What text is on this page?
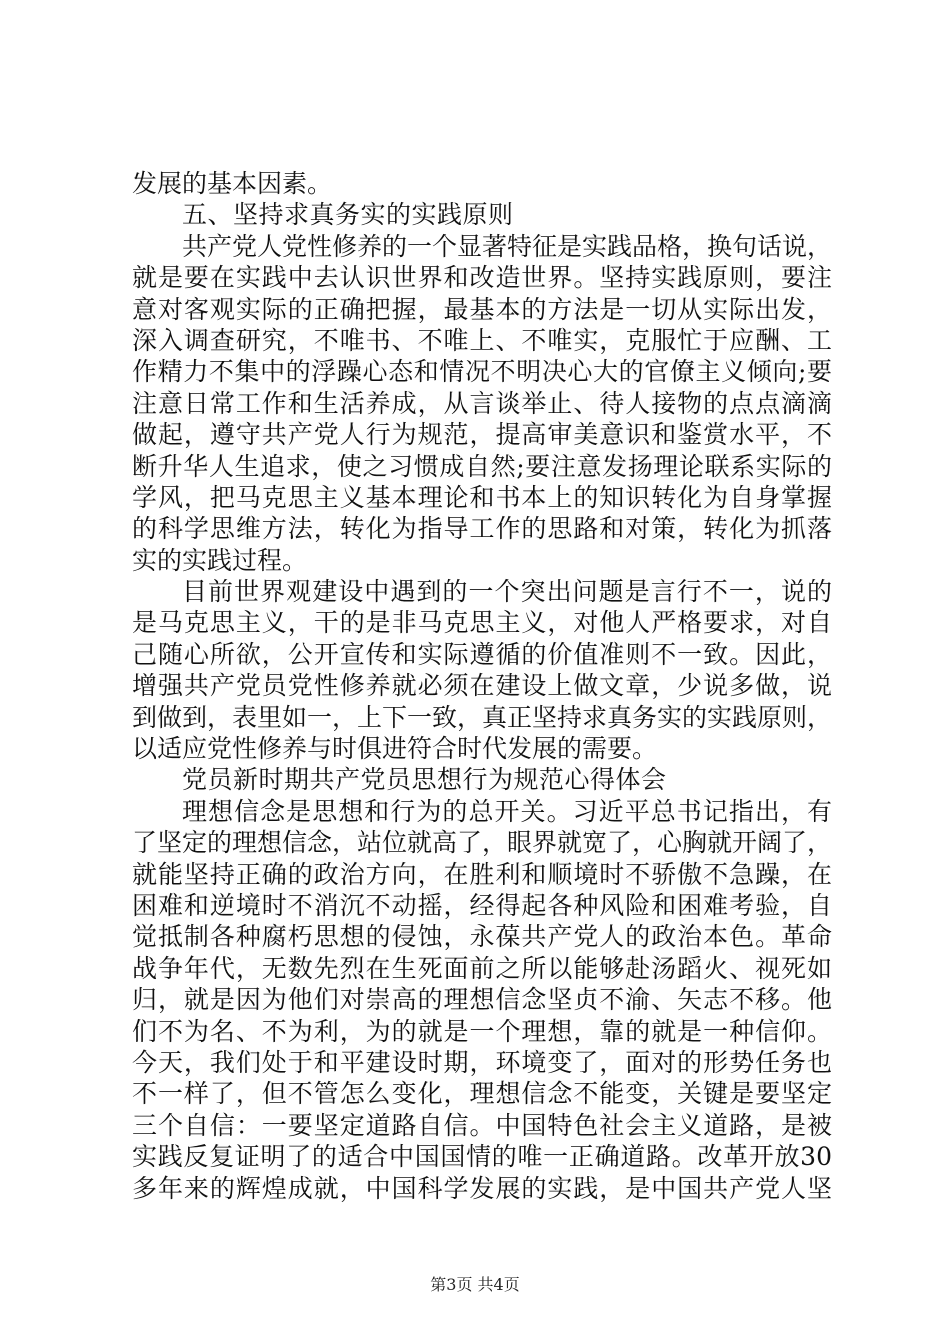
发展的基本因素。
五、坚持求真务实的实践原则
共产党人党性修养的一个显著特征是实践品格，换句话说，
就是要在实践中去认识世界和改造世界。坚持实践原则，要注
意对客观实际的正确把握，最基本的方法是一切从实际出发，
深入调查研究，不唯书、不唯上、不唯实，克服忙于应酬、工
作精力不集中的浮躁心态和情况不明决心大的官僚主义倾向;要
注意日常工作和生活养成，从言谈举止、待人接物的点点滴滴
做起，遵守共产党人行为规范，提高审美意识和鉴赏水平，不
断升华人生追求，使之习惯成自然;要注意发扬理论联系实际的
学风，把马克思主义基本理论和书本上的知识转化为自身掌握
的科学思维方法，转化为指导工作的思路和对策，转化为抓落
实的实践过程。
目前世界观建设中遇到的一个突出问题是言行不一，说的
是马克思主义，干的是非马克思主义，对他人严格要求，对自
己随心所欲，公开宣传和实际遵循的价值准则不一致。因此，
增强共产党员党性修养就必须在建设上做文章，少说多做，说
到做到，表里如一，上下一致，真正坚持求真务实的实践原则，
以适应党性修养与时俱进符合时代发展的需要。
党员新时期共产党员思想行为规范心得体会
理想信念是思想和行为的总开关。习近平总书记指出，有
了坚定的理想信念，站位就高了，眼界就宽了，心胸就开阔了，
就能坚持正确的政治方向，在胜利和顺境时不骄傲不急躁，在
困难和逆境时不消沉不动摇，经得起各种风险和困难考验，自
觉抵制各种腐朽思想的侵蚀，永葆共产党人的政治本色。革命
战争年代，无数先烈在生死面前之所以能够赴汤蹈火、视死如
归，就是因为他们对崇高的理想信念坚贞不渝、矢志不移。他
们不为名、不为利，为的就是一个理想，靠的就是一种信仰。
今天，我们处于和平建设时期，环境变了，面对的形势任务也
不一样了，但不管怎么变化，理想信念不能变，关键是要坚定
三个自信：一要坚定道路自信。中国特色社会主义道路，是被
实践反复证明了的适合中国国情的唯一正确道路。改革开放30
多年来的辉煌成就，中国科学发展的实践，是中国共产党人坚
第3页 共4页
